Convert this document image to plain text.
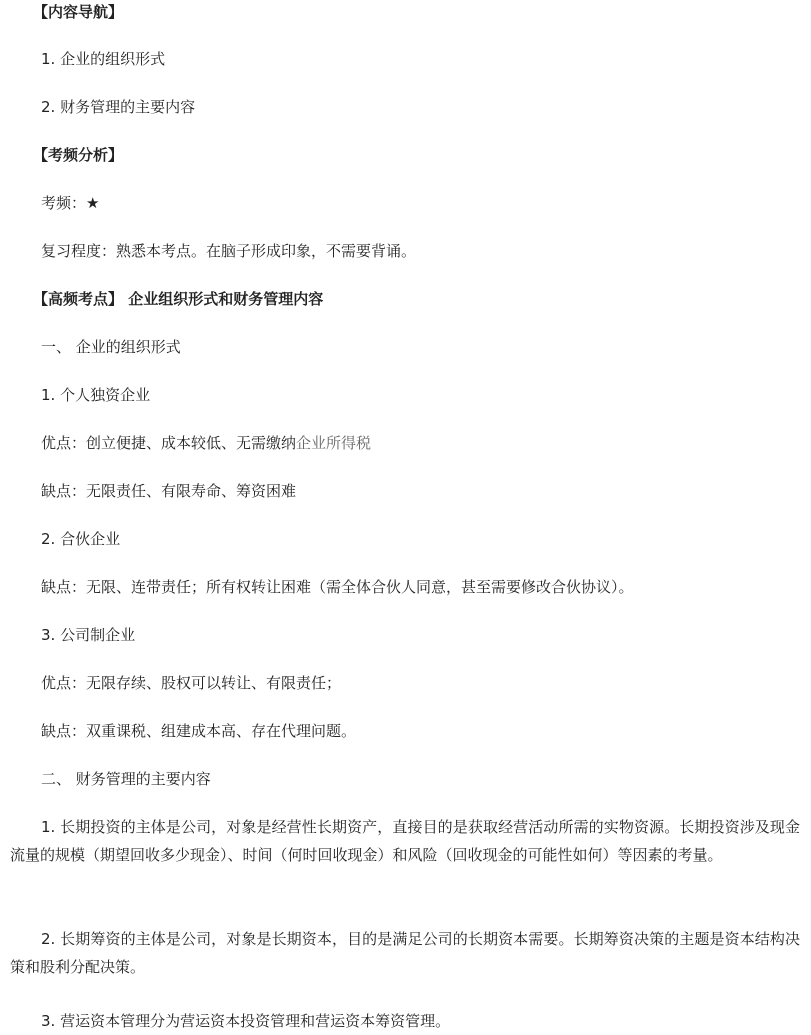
【内容导航】
1. 企业的组织形式
2. 财务管理的主要内容
【考频分析】
考频：★
复习程度：熟悉本考点。在脑子形成印象，不需要背诵。
【高频考点】 企业组织形式和财务管理内容
一、 企业的组织形式
1. 个人独资企业
优点：创立便捷、成本较低、无需缴纳企业所得税
缺点：无限责任、有限寿命、筹资困难
2. 合伙企业
缺点：无限、连带责任；所有权转让困难（需全体合伙人同意，甚至需要修改合伙协议）。
3. 公司制企业
优点：无限存续、股权可以转让、有限责任；
缺点：双重课税、组建成本高、存在代理问题。
二、 财务管理的主要内容
1. 长期投资的主体是公司，对象是经营性长期资产，直接目的是获取经营活动所需的实物资源。长期投资涉及现金流量的规模（期望回收多少现金）、时间（何时回收现金）和风险（回收现金的可能性如何）等因素的考量。
2. 长期筹资的主体是公司，对象是长期资本，目的是满足公司的长期资本需要。长期筹资决策的主题是资本结构决策和股利分配决策。
3. 营运资本管理分为营运资本投资管理和营运资本筹资管理。
